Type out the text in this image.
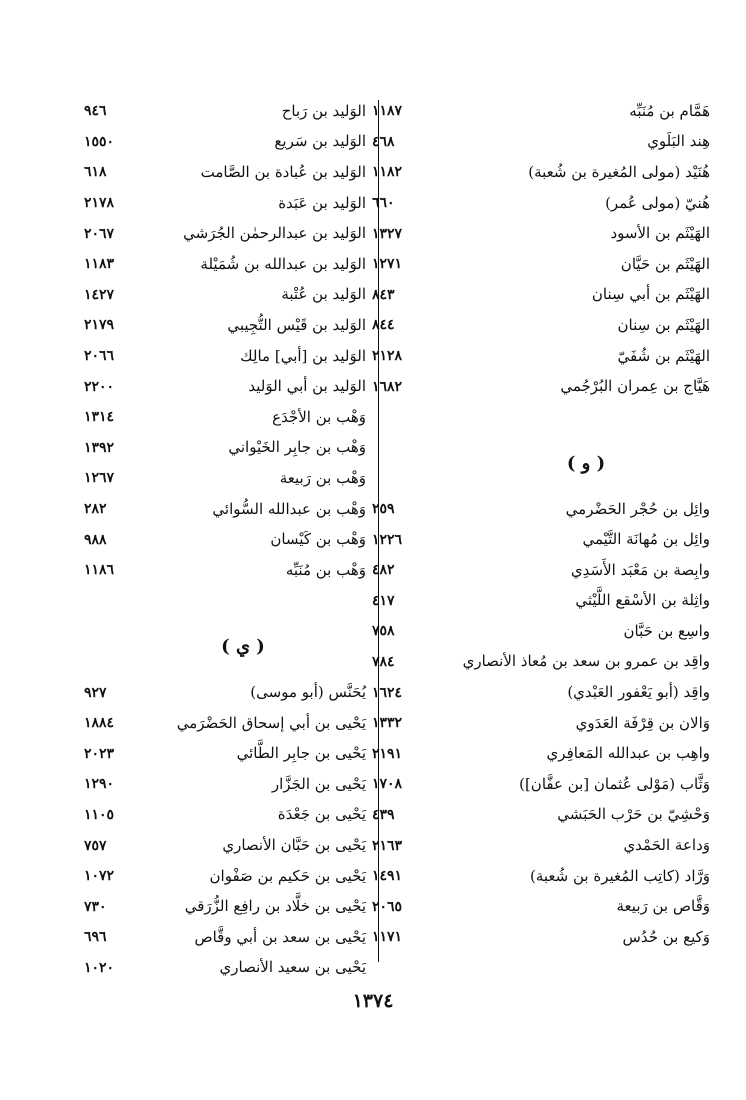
هَمَّام بن مُنَبِّه
١١٨٧
هِند البَلَوي
٤٦٨
هُنَيْد (مولى المُغيرة بن شُعبة)
١١٨٢
هُنيّ (مولى عُمر)
٦٦٠
الهَيْثَم بن الأسود
١٣٢٧
الهَيْثَم بن حَيَّان
١٢٧١
الهَيْثَم بن أبي سِنان
٨٤٣
الهَيْثَم بن سِنان
٨٤٤
الهَيْثَم بن شُفَيّ
٢١٢٨
هَيَّاج بن عِمران البُرْجُمي
١٦٨٢
( و )
وائِل بن حُجْر الحَضْرمي
٢٥٩
وائِل بن مُهانَة التَّيْمي
١٢٢٦
وابِصة بن مَعْبَد الأَسَدِي
٤٨٢
واثِلة بن الأسْقع اللَّيْثي
٤١٧
واسِع بن حَبَّان
٧٥٨
واقِد بن عمرو بن سعد بن مُعاذ الأنصاري
٧٨٤
واقِد (أبو يَعْفور العَبْدي)
١٦٢٤
وَالان بن قِرْفَة العَدَوي
١٣٣٢
واهِب بن عبدالله المَعافِري
٢١٩١
وَثَّاب (مَوْلى عُثمان [بن عفَّان])
١٧٠٨
وَحْشِيّ بن حَرْب الحَبَشي
٤٣٩
وَداعة الحَمْدي
٢١٦٣
وَرَّاد (كاتِب المُغيرة بن شُعبة)
١٤٩١
وَقَّاص بن رَبيعة
٢٠٦٥
وَكيع بن حُدُس
١١٧١
الوَليد بن رَباح
٩٤٦
الوَليد بن سَريع
١٥٥٠
الوَليد بن عُبادة بن الصَّامت
٦١٨
الوَليد بن عَبَدة
٢١٧٨
الوَليد بن عبدالرحمٰن الجُرَشي
٢٠٦٧
الوَليد بن عبدالله بن شُمَيْلة
١١٨٣
الوَليد بن عُتْبة
١٤٢٧
الوَليد بن قَيْس التُّجِيبي
٢١٧٩
الوَليد بن [أبي] مالِك
٢٠٦٦
الوَليد بن أبي الوَليد
٢٢٠٠
وَهْب بن الأجْدَع
١٣١٤
وَهْب بن جابِر الخَيْواني
١٣٩٢
وَهْب بن رَبيعة
١٢٦٧
وَهْب بن عبدالله السُّوائي
٢٨٢
وَهْب بن كَيْسان
٩٨٨
وَهْب بن مُنَبِّه
١١٨٦
( ي )
يُحَنَّس (أبو موسى)
٩٢٧
يَحْيى بن أبي إسحاق الحَضْرَمي
١٨٨٤
يَحْيى بن جابِر الطَّائي
٢٠٢٣
يَحْيى بن الجَزَّار
١٢٩٠
يَحْيى بن جَعْدَة
١١٠٥
يَحْيى بن حَبَّان الأنصاري
٧٥٧
يَحْيى بن حَكيم بن صَفْوان
١٠٧٢
يَحْيى بن خلَّاد بن رافِع الزُّرَقي
٧٣٠
يَحْيى بن سعد بن أبي وقَّاص
٦٩٦
يَحْيى بن سعيد الأنصاري
١٠٢٠
١٣٧٤
